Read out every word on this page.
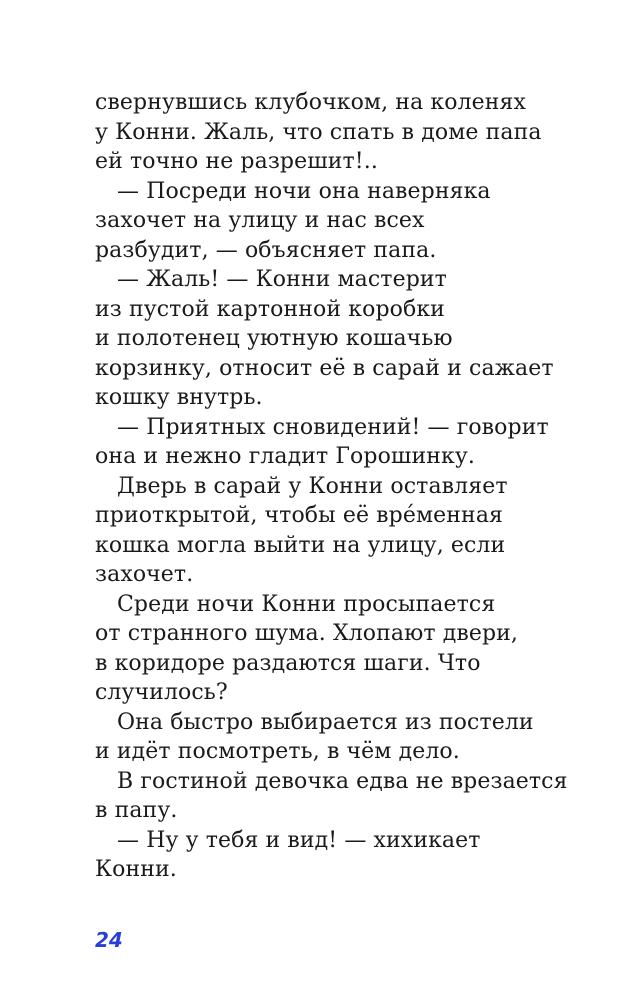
свернувшись клубочком, на коленях
у Конни. Жаль, что спать в доме папа
ей точно не разрешит!..
— Посреди ночи она наверняка
захочет на улицу и нас всех
разбудит, — объясняет папа.
— Жаль! — Конни мастерит
из пустой картонной коробки
и полотенец уютную кошачью
корзинку, относит её в сарай и сажает
кошку внутрь.
— Приятных сновидений! — говорит
она и нежно гладит Горошинку.
Дверь в сарай у Конни оставляет
приоткрытой, чтобы её вре́менная
кошка могла выйти на улицу, если
захочет.
Среди ночи Конни просыпается
от странного шума. Хлопают двери,
в коридоре раздаются шаги. Что
случилось?
Она быстро выбирается из постели
и идёт посмотреть, в чём дело.
В гостиной девочка едва не врезается
в папу.
— Ну у тебя и вид! — хихикает
Конни.
24
